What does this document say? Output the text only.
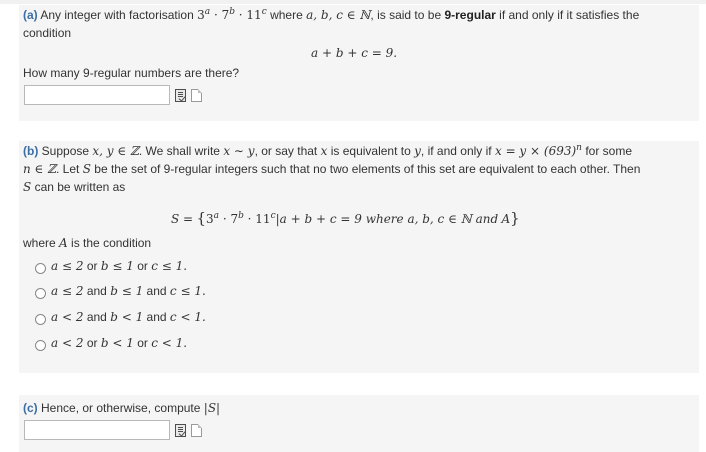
(a) Any integer with factorisation $3^a \cdot 7^b \cdot 11^c$ where a, b, c ∈ ℕ, is said to be 9-regular if and only if it satisfies the
condition
a + b + c = 9.
How many 9-regular numbers are there?
(b) Suppose x, y ∈ ℤ. We shall write x ∼ y, or say that x is equivalent to y, if and only if $x = y \times (693)^n$ for some
n ∈ ℤ. Let S be the set of 9-regular integers such that no two elements of this set are equivalent to each other. Then
S can be written as
$S = \{3^a \cdot 7^b \cdot 11^c|a + b + c = 9$ where a, b, c ∈ ℕ and A}
where A is the condition
a ≤ 2 or b ≤ 1 or c ≤ 1.
a ≤ 2 and b ≤ 1 and c ≤ 1.
a < 2 and b < 1 and c < 1.
a < 2 or b < 1 or c < 1.
(c) Hence, or otherwise, compute |S|
